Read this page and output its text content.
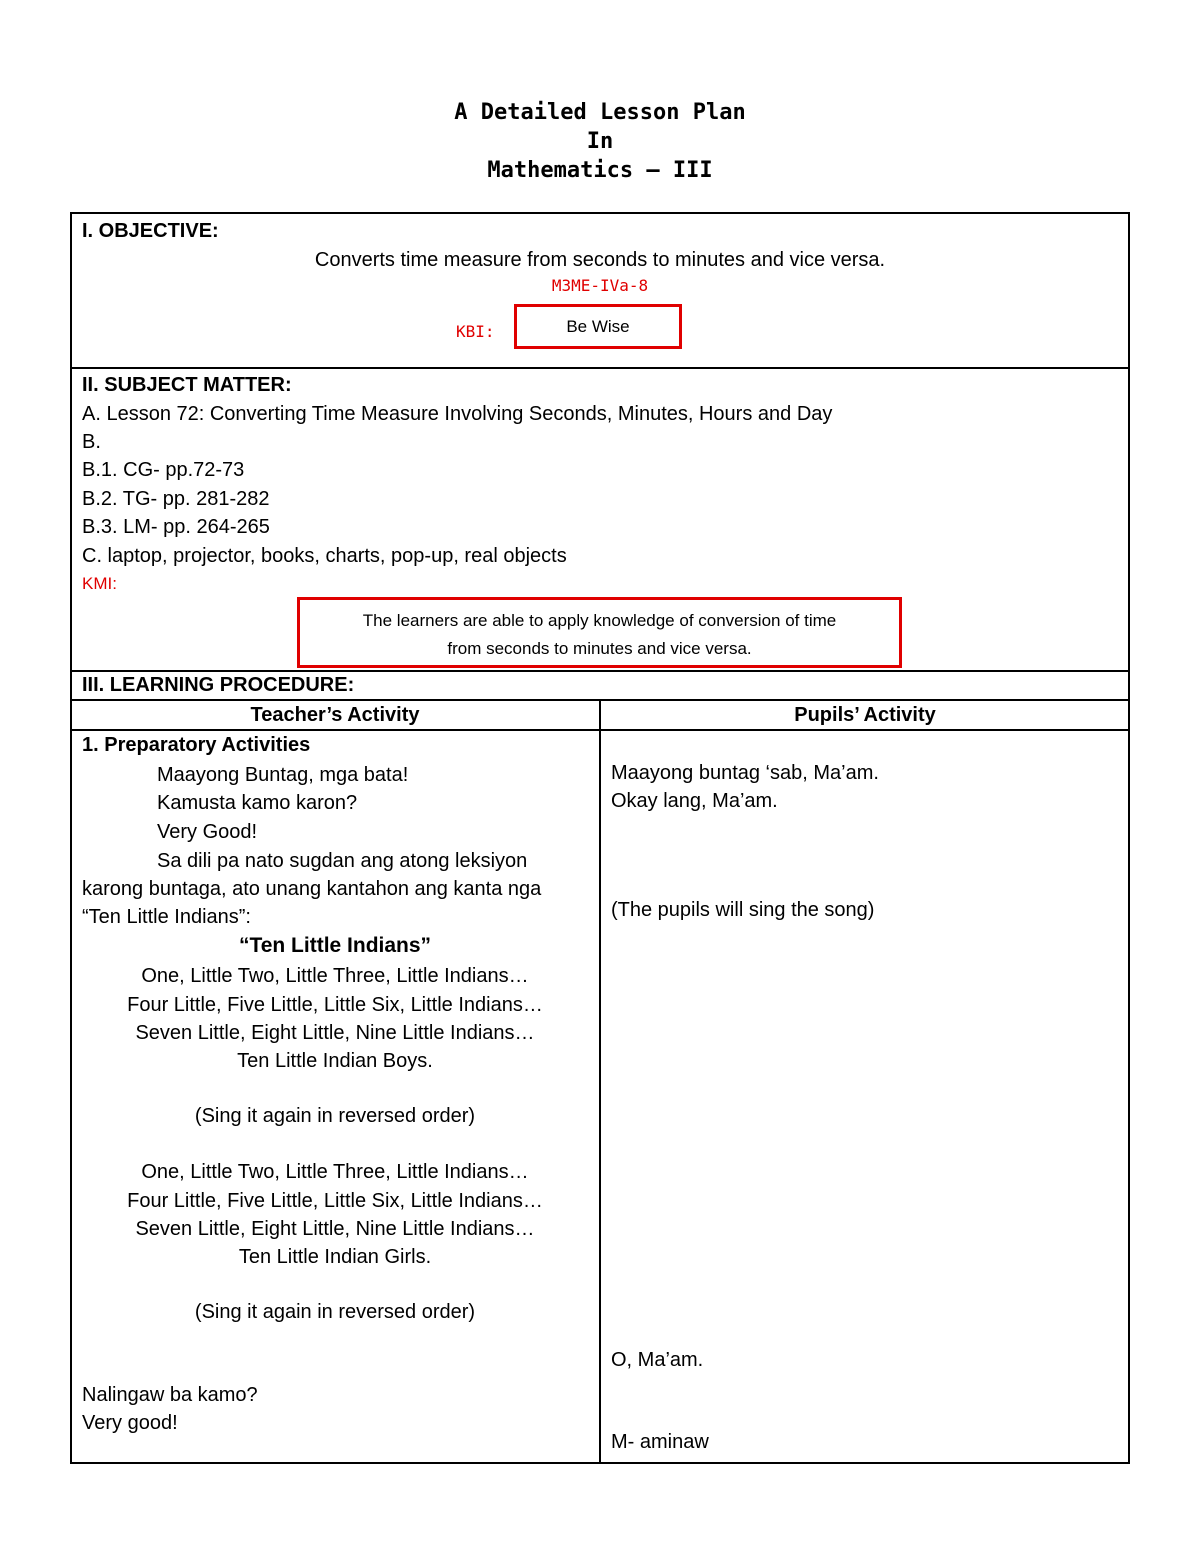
A Detailed Lesson Plan
In
Mathematics – III
I. OBJECTIVE:
Converts time measure from seconds to minutes and vice versa.
M3ME-IVa-8
KBI:	Be Wise
II. SUBJECT MATTER:
A. Lesson 72: Converting Time Measure Involving Seconds, Minutes, Hours and Day
B.
B.1. CG- pp.72-73
B.2. TG- pp. 281-282
B.3. LM- pp. 264-265
C. laptop, projector, books, charts, pop-up, real objects
KMI:
The learners are able to apply knowledge of conversion of time
from seconds to minutes and vice versa.
III. LEARNING PROCEDURE:
Teacher’s Activity	Pupils’ Activity
1. Preparatory Activities
Maayong Buntag, mga bata!
Kamusta kamo karon?
Very Good!
Sa dili pa nato sugdan ang atong leksiyon
karong buntaga, ato unang kantahon ang kanta nga
“Ten Little Indians”:
“Ten Little Indians”
One, Little Two, Little Three, Little Indians…
Four Little, Five Little, Little Six, Little Indians…
Seven Little, Eight Little, Nine Little Indians…
Ten Little Indian Boys.
(Sing it again in reversed order)
One, Little Two, Little Three, Little Indians…
Four Little, Five Little, Little Six, Little Indians…
Seven Little, Eight Little, Nine Little Indians…
Ten Little Indian Girls.
(Sing it again in reversed order)
Nalingaw ba kamo?
Very good!
Maayong buntag ‘sab, Ma’am.
Okay lang, Ma’am.
(The pupils will sing the song)
O, Ma’am.
M- aminaw
